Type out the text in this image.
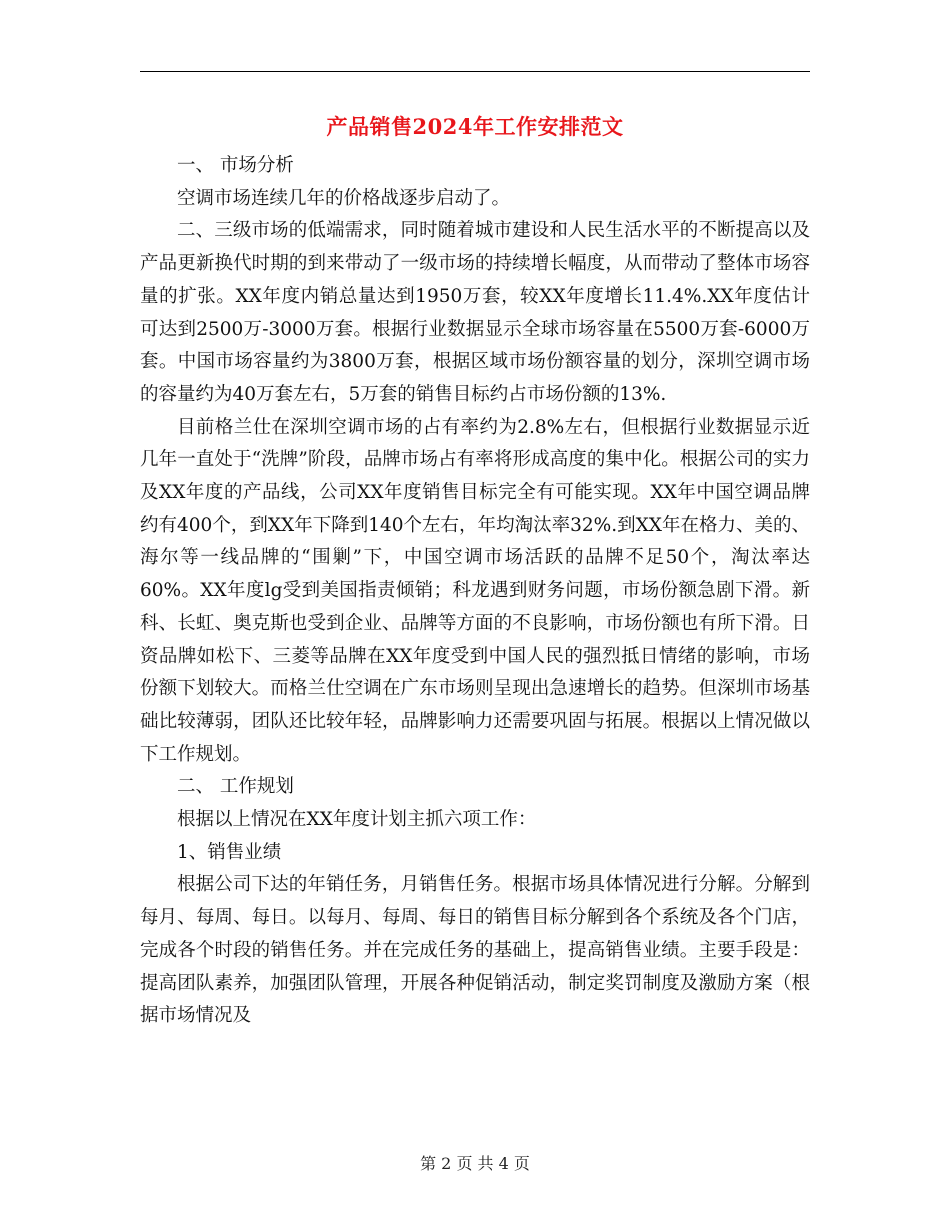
产品销售2024年工作安排范文

一、 市场分析

空调市场连续几年的价格战逐步启动了。

二、三级市场的低端需求，同时随着城市建设和人民生活水平的不断提高以及产品更新换代时期的到来带动了一级市场的持续增长幅度，从而带动了整体市场容量的扩张。XX年度内销总量达到1950万套，较XX年度增长11.4%.XX年度估计可达到2500万-3000万套。根据行业数据显示全球市场容量在5500万套-6000万套。中国市场容量约为3800万套，根据区域市场份额容量的划分，深圳空调市场的容量约为40万套左右，5万套的销售目标约占市场份额的13%.

目前格兰仕在深圳空调市场的占有率约为2.8%左右，但根据行业数据显示近几年一直处于“洗牌”阶段，品牌市场占有率将形成高度的集中化。根据公司的实力及XX年度的产品线，公司XX年度销售目标完全有可能实现。XX年中国空调品牌约有400个，到XX年下降到140个左右，年均淘汰率32%.到XX年在格力、美的、海尔等一线品牌的“围剿”下，中国空调市场活跃的品牌不足50个，淘汰率达60%。XX年度lg受到美国指责倾销；科龙遇到财务问题，市场份额急剧下滑。新科、长虹、奥克斯也受到企业、品牌等方面的不良影响，市场份额也有所下滑。日资品牌如松下、三菱等品牌在XX年度受到中国人民的强烈抵日情绪的影响，市场份额下划较大。而格兰仕空调在广东市场则呈现出急速增长的趋势。但深圳市场基础比较薄弱，团队还比较年轻，品牌影响力还需要巩固与拓展。根据以上情况做以下工作规划。

二、 工作规划

根据以上情况在XX年度计划主抓六项工作：

1、销售业绩

根据公司下达的年销任务，月销售任务。根据市场具体情况进行分解。分解到每月、每周、每日。以每月、每周、每日的销售目标分解到各个系统及各个门店，完成各个时段的销售任务。并在完成任务的基础上，提高销售业绩。主要手段是：提高团队素养，加强团队管理，开展各种促销活动，制定奖罚制度及激励方案（根据市场情况及

第 2 页 共 4 页
